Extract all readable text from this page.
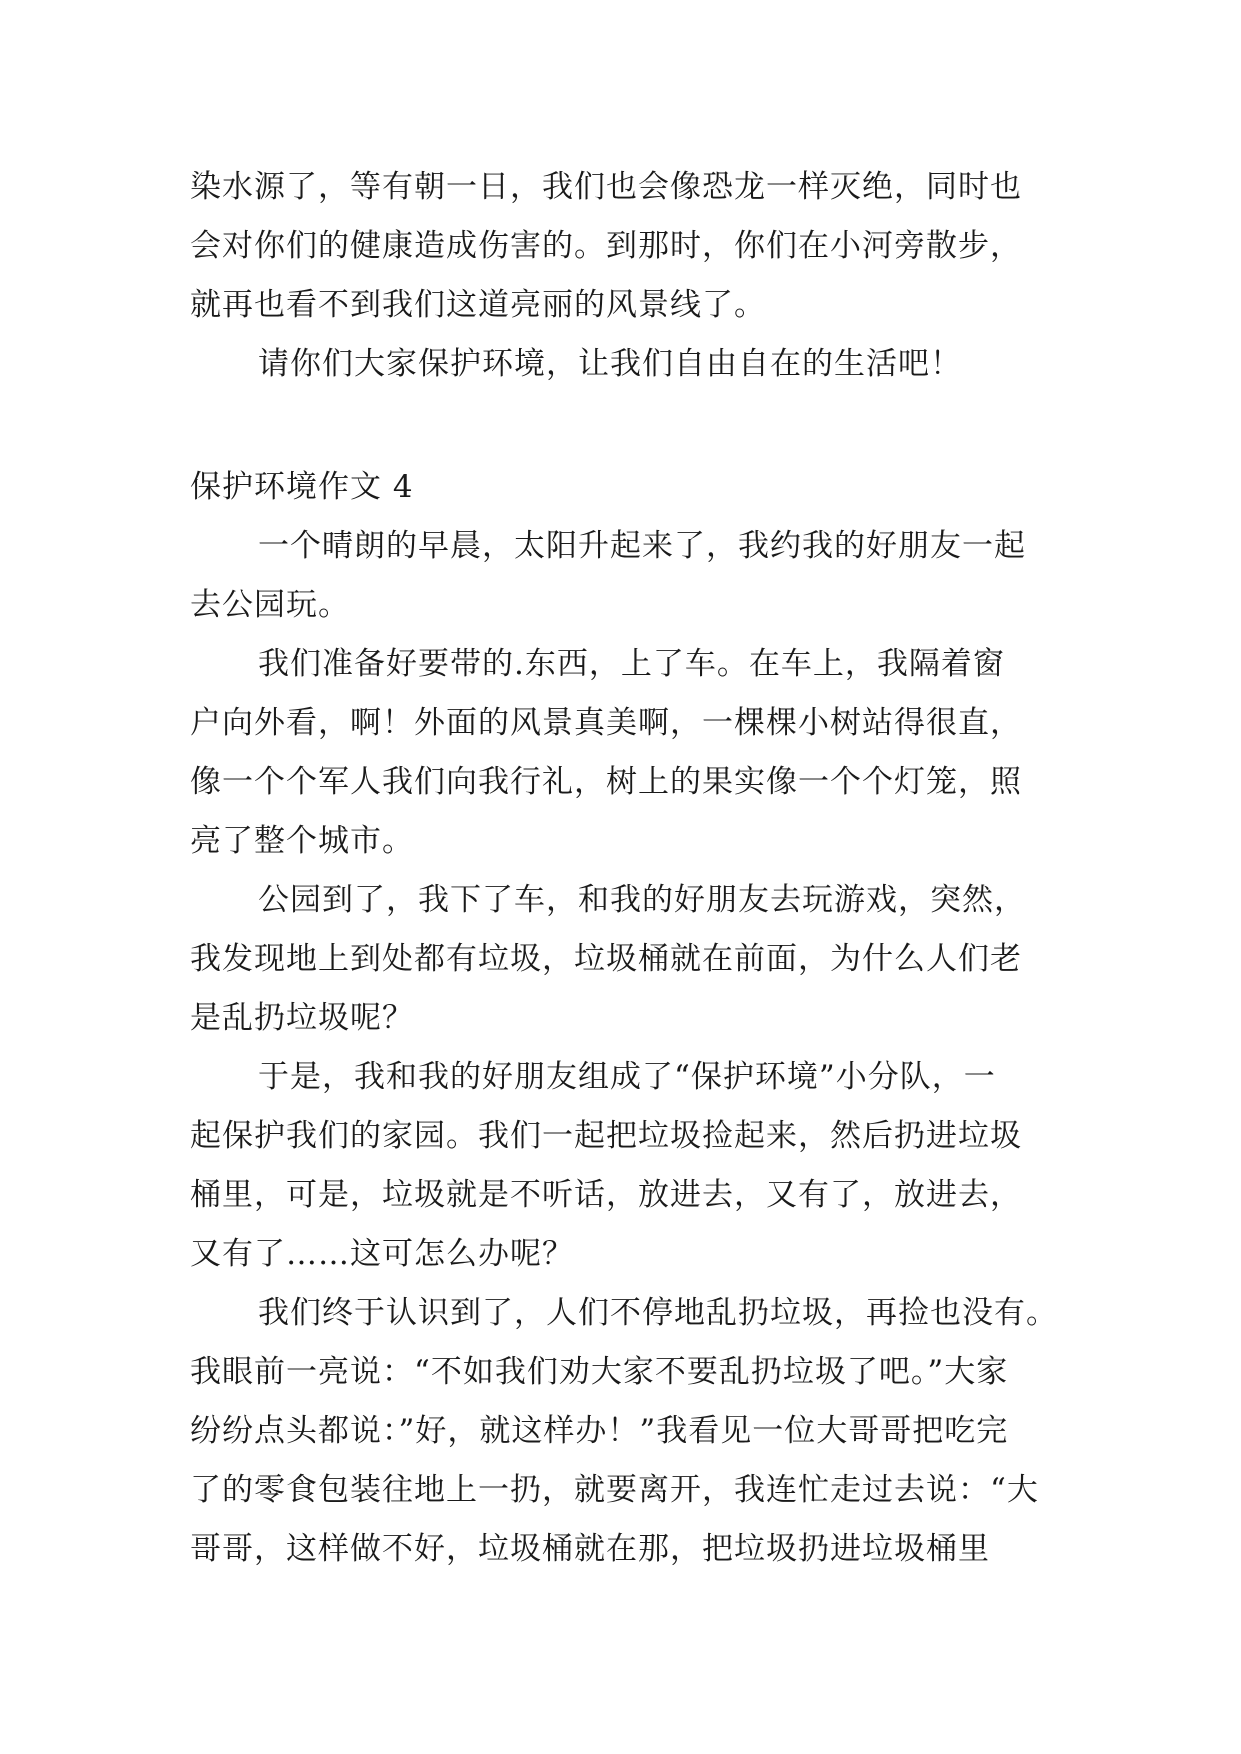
染水源了，等有朝一日，我们也会像恐龙一样灭绝，同时也
会对你们的健康造成伤害的。到那时，你们在小河旁散步，
就再也看不到我们这道亮丽的风景线了。
请你们大家保护环境，让我们自由自在的生活吧！
保护环境作文 4
一个晴朗的早晨，太阳升起来了，我约我的好朋友一起
去公园玩。
我们准备好要带的.东西，上了车。在车上，我隔着窗
户向外看，啊！外面的风景真美啊，一棵棵小树站得很直，
像一个个军人我们向我行礼，树上的果实像一个个灯笼，照
亮了整个城市。
公园到了，我下了车，和我的好朋友去玩游戏，突然，
我发现地上到处都有垃圾，垃圾桶就在前面，为什么人们老
是乱扔垃圾呢？
于是，我和我的好朋友组成了“保护环境”小分队，一
起保护我们的家园。我们一起把垃圾捡起来，然后扔进垃圾
桶里，可是，垃圾就是不听话，放进去，又有了，放进去，
又有了……这可怎么办呢？
我们终于认识到了，人们不停地乱扔垃圾，再捡也没有。
我眼前一亮说：“不如我们劝大家不要乱扔垃圾了吧。”大家
纷纷点头都说：”好，就这样办！”我看见一位大哥哥把吃完
了的零食包装往地上一扔，就要离开，我连忙走过去说：“大
哥哥，这样做不好，垃圾桶就在那，把垃圾扔进垃圾桶里
